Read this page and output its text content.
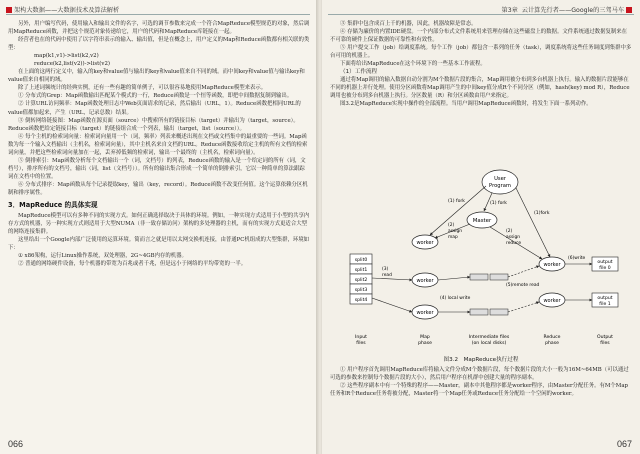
架构大数据——大数据技术及算法解析

另外，用户编写代码，使用输入和输出文件的名字，可选的调节参数来完成一个符合MapReduce模型规范的对象，然后调用MapReduce函数，并把这个规范对象传递给它，用户的代码和MapReduce库链接在一起。

经营者也在的代码中使用了以字符串表示的输入、输出值，但是在概念上，用户定义的Map和Reduce函数都有相关联的类型：

map(k1,v1)->list(k2,v2)

reduce(k2,list(v2))->list(v2)

在上面的这两行定义中，输入的key和value值与输出的key和value值来自不同的域。而中间key和value值与输出key和value值来自相同的域。

除了上述词频统计的经典实例，还有一些有趣的简单例子，可以很容易地使用MapReduce模型来表示。

① 分布式的Grep：Map函数输出匹配某个模式的一行，Reduce函数是一个恒等函数，即把中间数据复制到输出。

② 计算URL访问频率：Map函数处理日志中Web页面请求的记录，然后输出（URL，1）。Reduce函数把相同URL的value值都加起来，产生（URL，记录总数）结果。

③ 倒转网络链接图：Map函数在源页面（source）中搜索所有的链接目标（target）并输出为（target，source）。Reduce函数把给定链接目标（target）的链接组合成一个列表，输出（target，list（source））。

④ 每个主机的检索词向量：检索词向量用一个（词，频率）列表来概述出现在文档或文档集中的最重要的一些词。Map函数为每一个输入文档输出（主机名，检索词向量），其中主机名来自文档的URL。Reduce函数接收给定主机的所有文档的检索词向量，并把这些检索词向量加在一起，丢弃掉低频的检索词，输出一个最终的（主机名，检索词向量）。

⑤ 倒排索引：Map函数分析每个文档输出一个（词，文档号）的列表，Reduce函数的输入是一个给定词的所有（词，文档号），排序所有的文档号，输出（词，list（文档号））。所有的输出集合形成一个简单的倒排索引，它以一种简单的算法跟踪词在文档中的位置。

⑥ 分布式排序：Map函数从每个记录提取key，输出（key，record）。Reduce函数不改变任何值。这个运算依赖分区机制和排序属性。

3．MapReduce 的具体实现

MapReduce模型可以有多种不同的实现方式。如何正确选择取决于具体的环境。例如，一种实现方式适用于小型的共享内存方式的机器，另一种实现方式则适用于大型NUMA（非一致存储访问）架构的多处理器的主机，而有的实现方式更适合大型的网络连接集群。

这里给出一个Google内部广泛使用的运算环境。简而言之就是用以太网交换机连接，由普通PC机组成的大型集群，环境如下：

① x86架构，运行Linux操作系统，双处理器，2G~4GB内存的机器。

② 普通的网络硬件设备，每个机器的带宽为百兆或者千兆，但是远小于网络的平均带宽的一半。

066
第3章 云计算先行者——Google的三驾马车

③ 集群中包含成百上千的机器，因此，机器故障是常态。

④ 存储为廉价的内置IDE硬盘。一个内部分布式文件系统用来管理存储在这些磁盘上的数据。文件系统通过数据复制来在不可靠的硬件上保证数据的可靠性和有效性。

⑤ 用户提交工作（job）给调度系统。每个工作（job）都包含一系列的任务（task），调度系统将这些任务调度到集群中多台可用的机器上。

下面将给出MapReduce在这个环境下的一些基本工作流程。

（1）工作流程

通过将Map调用的输入数据自动分割为M个数据片段的集合，Map调用被分布到多台机器上执行。输入的数据片段能够在不同的机器上并行处理。使用分区函数将Map调用产生的中间key值分成R个不同分区（例如，hash(key) mod R），Reduce调用也被分布到多台机器上执行。分区数量（R）和分区函数由用户来指定。

图3.2是MapReduce实现中操作的全部流程。当用户调用MapReduce函数时，将发生下面一系列动作。

User
Program
Master
split0
split1
split2
split3
split4
worker
worker
worker
worker
worker
output
file 0
output
file 1
(1) fork	(1) fork
(1)fork
(2)
assign
map
(2)
assign
reduce
(3)
read
(4) local write
(5)remote read
(6)write
Input
files
Map
phase
Intermediate files
(on local disks)
Reduce
phase
Output
files
图3.2　MapReduce执行过程

① 用户程序首先调用MapReduce库将输入文件分成M个数据片段，每个数据片段的大小一般为16M~64MB（可以通过可选的参数来控制每个数据片段的大小），然后用户程序在机群中创建大量的程序副本。

② 这些程序副本中有一个特殊的程序——Master，副本中其他程序都是worker程序，由Master分配任务。有M个Map任务和R个Reduce任务将被分配，Master将一个Map任务或Reduce任务分配给一个空闲的worker。

067
